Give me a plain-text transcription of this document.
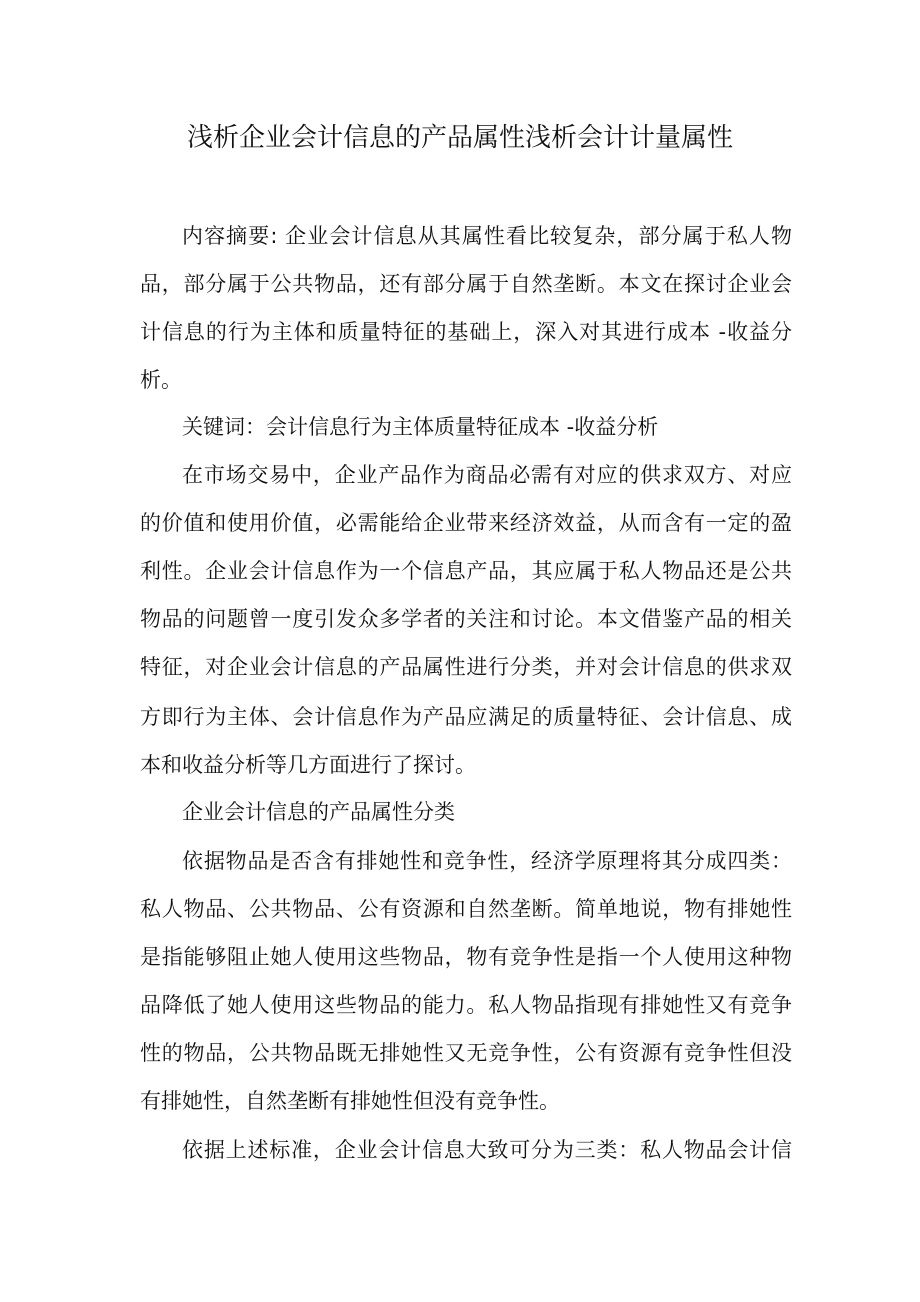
浅析企业会计信息的产品属性浅析会计计量属性
内容摘要: 企业会计信息从其属性看比较复杂，部分属于私人物
品，部分属于公共物品，还有部分属于自然垄断。本文在探讨企业会
计信息的行为主体和质量特征的基础上，深入对其进行成本 -收益分
析。
关键词：会计信息行为主体质量特征成本 -收益分析
在市场交易中，企业产品作为商品必需有对应的供求双方、对应
的价值和使用价值，必需能给企业带来经济效益，从而含有一定的盈
利性。企业会计信息作为一个信息产品，其应属于私人物品还是公共
物品的问题曾一度引发众多学者的关注和讨论。本文借鉴产品的相关
特征，对企业会计信息的产品属性进行分类，并对会计信息的供求双
方即行为主体、会计信息作为产品应满足的质量特征、会计信息、成
本和收益分析等几方面进行了探讨。
企业会计信息的产品属性分类
依据物品是否含有排她性和竞争性，经济学原理将其分成四类：
私人物品、公共物品、公有资源和自然垄断。简单地说，物有排她性
是指能够阻止她人使用这些物品，物有竞争性是指一个人使用这种物
品降低了她人使用这些物品的能力。私人物品指现有排她性又有竞争
性的物品，公共物品既无排她性又无竞争性，公有资源有竞争性但没
有排她性，自然垄断有排她性但没有竞争性。
依据上述标准，企业会计信息大致可分为三类：私人物品会计信
